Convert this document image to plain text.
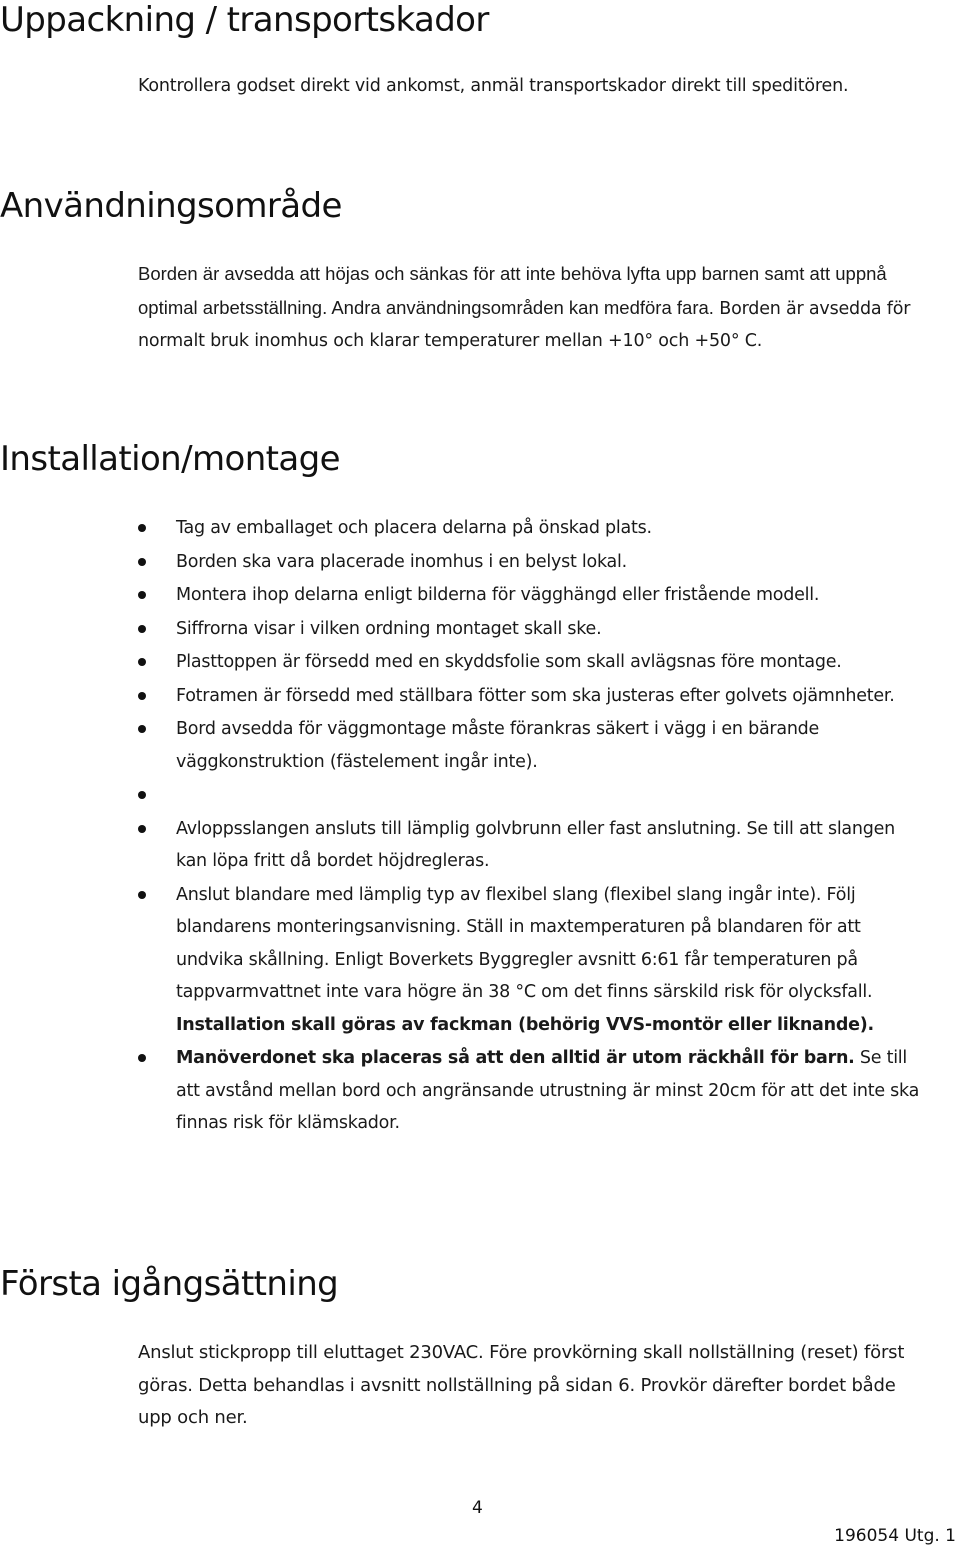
Uppackning / transportskador

Kontrollera godset direkt vid ankomst, anmäl transportskador direkt till speditören.

Användningsområde

Borden är avsedda att höjas och sänkas för att inte behöva lyfta upp barnen samt att uppnå optimal arbetsställning. Andra användningsområden kan medföra fara. Borden är avsedda för normalt bruk inomhus och klarar temperaturer mellan +10° och +50° C.

Installation/montage
Tag av emballaget och placera delarna på önskad plats.
Borden ska vara placerade inomhus i en belyst lokal.
Montera ihop delarna enligt bilderna för vägghängd eller fristående modell.
Siffrorna visar i vilken ordning montaget skall ske.
Plasttoppen är försedd med en skyddsfolie som skall avlägsnas före montage.
Fotramen är försedd med ställbara fötter som ska justeras efter golvets ojämnheter.
Bord avsedda för väggmontage måste förankras säkert i vägg i en bärande väggkonstruktion (fästelement ingår inte).
Avloppsslangen ansluts till lämplig golvbrunn eller fast anslutning. Se till att slangen kan löpa fritt då bordet höjdregleras.
Anslut blandare med lämplig typ av flexibel slang (flexibel slang ingår inte). Följ blandarens monteringsanvisning. Ställ in maxtemperaturen på blandaren för att undvika skållning. Enligt Boverkets Byggregler avsnitt 6:61 får temperaturen på tappvarmvattnet inte vara högre än 38 °C om det finns särskild risk för olycksfall. Installation skall göras av fackman (behörig VVS-montör eller liknande).
Manöverdonet ska placeras så att den alltid är utom räckhåll för barn. Se till att avstånd mellan bord och angränsande utrustning är minst 20cm för att det inte ska finnas risk för klämskador.
Första igångsättning

Anslut stickpropp till eluttaget 230VAC. Före provkörning skall nollställning (reset) först göras. Detta behandlas i avsnitt nollställning på sidan 6. Provkör därefter bordet både upp och ner.

4
196054 Utg. 1
